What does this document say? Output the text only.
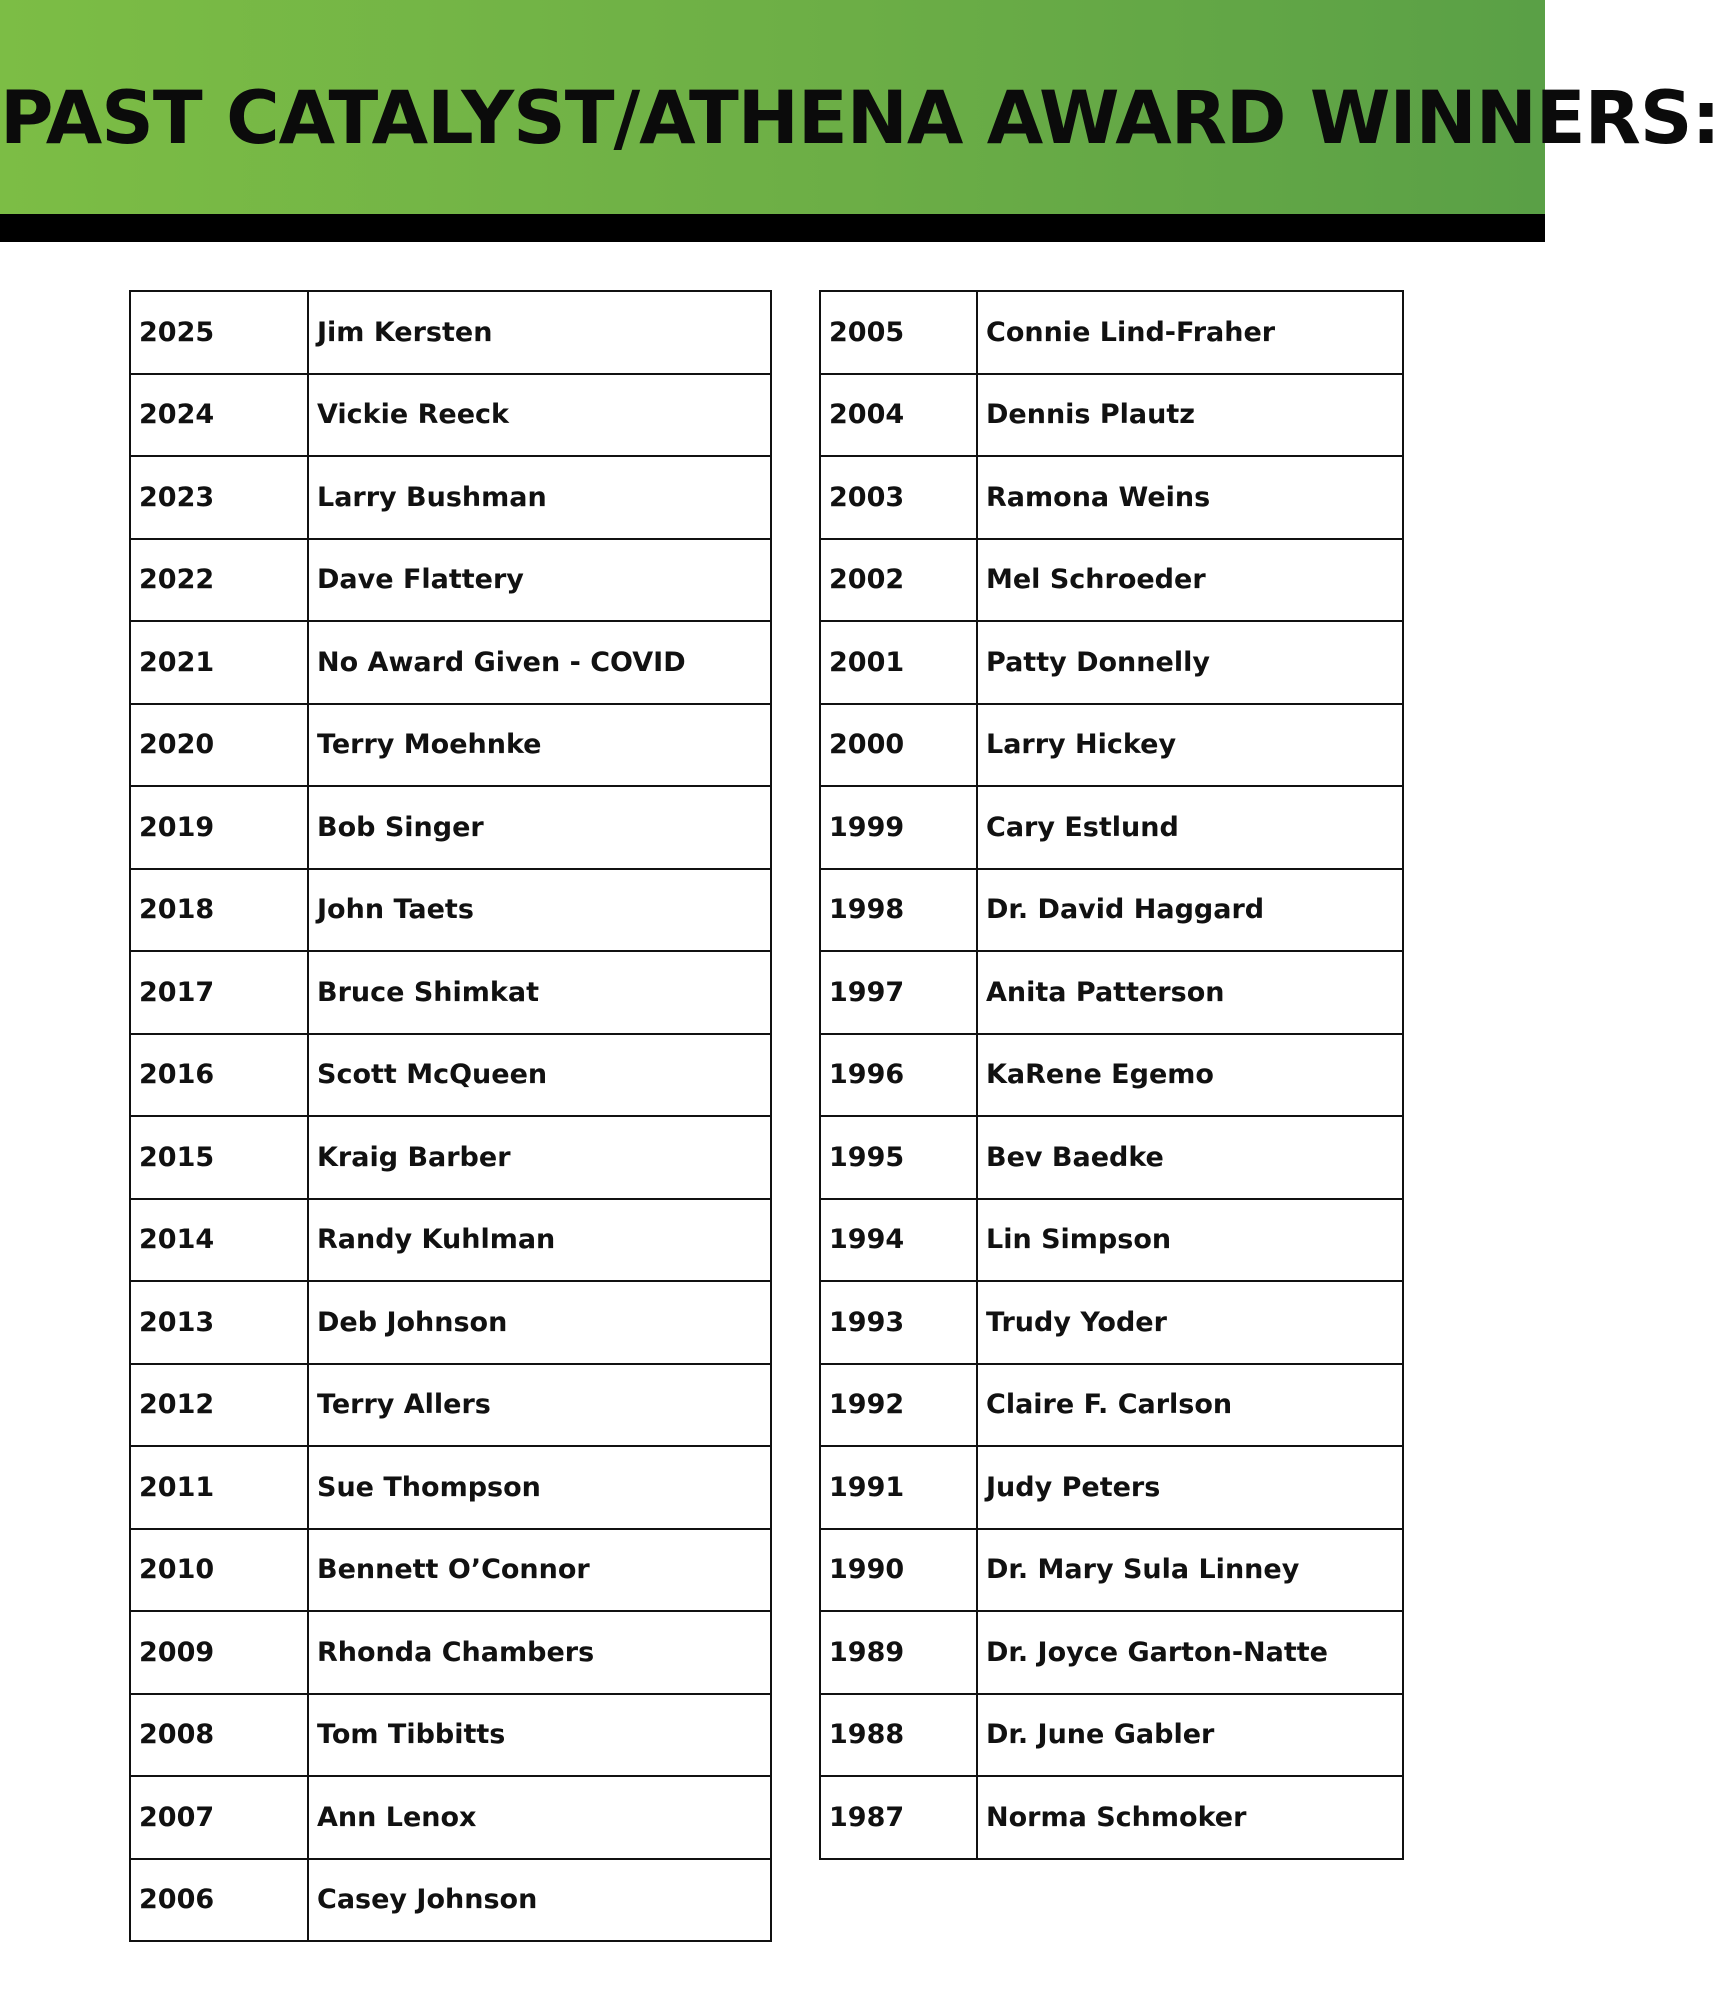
PAST CATALYST/ATHENA AWARD WINNERS:
2025	Jim Kersten
2024	Vickie Reeck
2023	Larry Bushman
2022	Dave Flattery
2021	No Award Given - COVID
2020	Terry Moehnke
2019	Bob Singer
2018	John Taets
2017	Bruce Shimkat
2016	Scott McQueen
2015	Kraig Barber
2014	Randy Kuhlman
2013	Deb Johnson
2012	Terry Allers
2011	Sue Thompson
2010	Bennett O’Connor
2009	Rhonda Chambers
2008	Tom Tibbitts
2007	Ann Lenox
2006	Casey Johnson
2005	Connie Lind-Fraher
2004	Dennis Plautz
2003	Ramona Weins
2002	Mel Schroeder
2001	Patty Donnelly
2000	Larry Hickey
1999	Cary Estlund
1998	Dr. David Haggard
1997	Anita Patterson
1996	KaRene Egemo
1995	Bev Baedke
1994	Lin Simpson
1993	Trudy Yoder
1992	Claire F. Carlson
1991	Judy Peters
1990	Dr. Mary Sula Linney
1989	Dr. Joyce Garton-Natte
1988	Dr. June Gabler
1987	Norma Schmoker
